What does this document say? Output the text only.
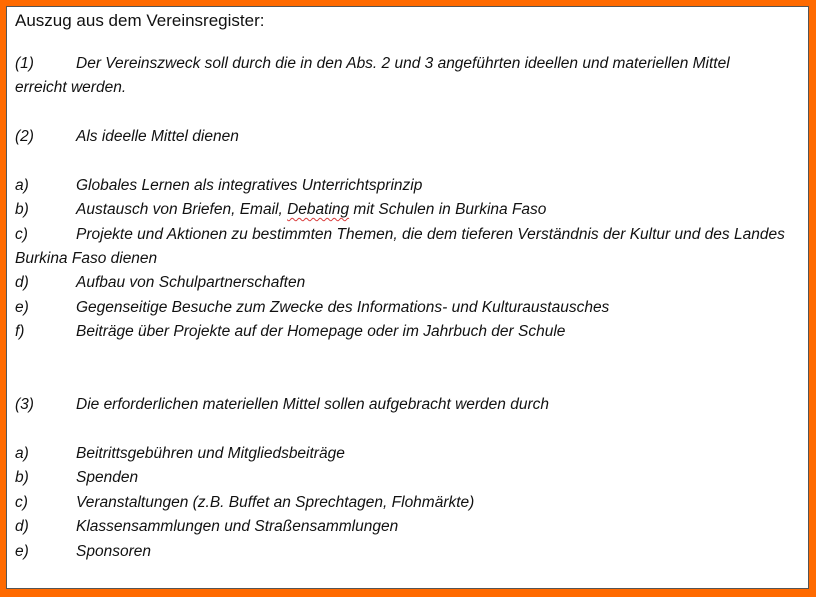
Auszug aus dem Vereinsregister:
(1)	Der Vereinszweck soll durch die in den Abs. 2 und 3 angeführten ideellen und materiellen Mittel
erreicht werden.
(2)	Als ideelle Mittel dienen
a)	Globales Lernen als integratives Unterrichtsprinzip
b)	Austausch von Briefen, Email, Debating mit Schulen in Burkina Faso
c)	Projekte und Aktionen zu bestimmten Themen, die dem tieferen Verständnis der Kultur und des Landes
Burkina Faso dienen
d)	Aufbau von Schulpartnerschaften
e)	Gegenseitige Besuche zum Zwecke des Informations- und Kulturaustausches
f)	Beiträge über Projekte auf der Homepage oder im Jahrbuch der Schule
(3)	Die erforderlichen materiellen Mittel sollen aufgebracht werden durch
a)	Beitrittsgebühren und Mitgliedsbeiträge
b)	Spenden
c)	Veranstaltungen (z.B. Buffet an Sprechtagen, Flohmärkte)
d)	Klassensammlungen und Straßensammlungen
e)	Sponsoren
